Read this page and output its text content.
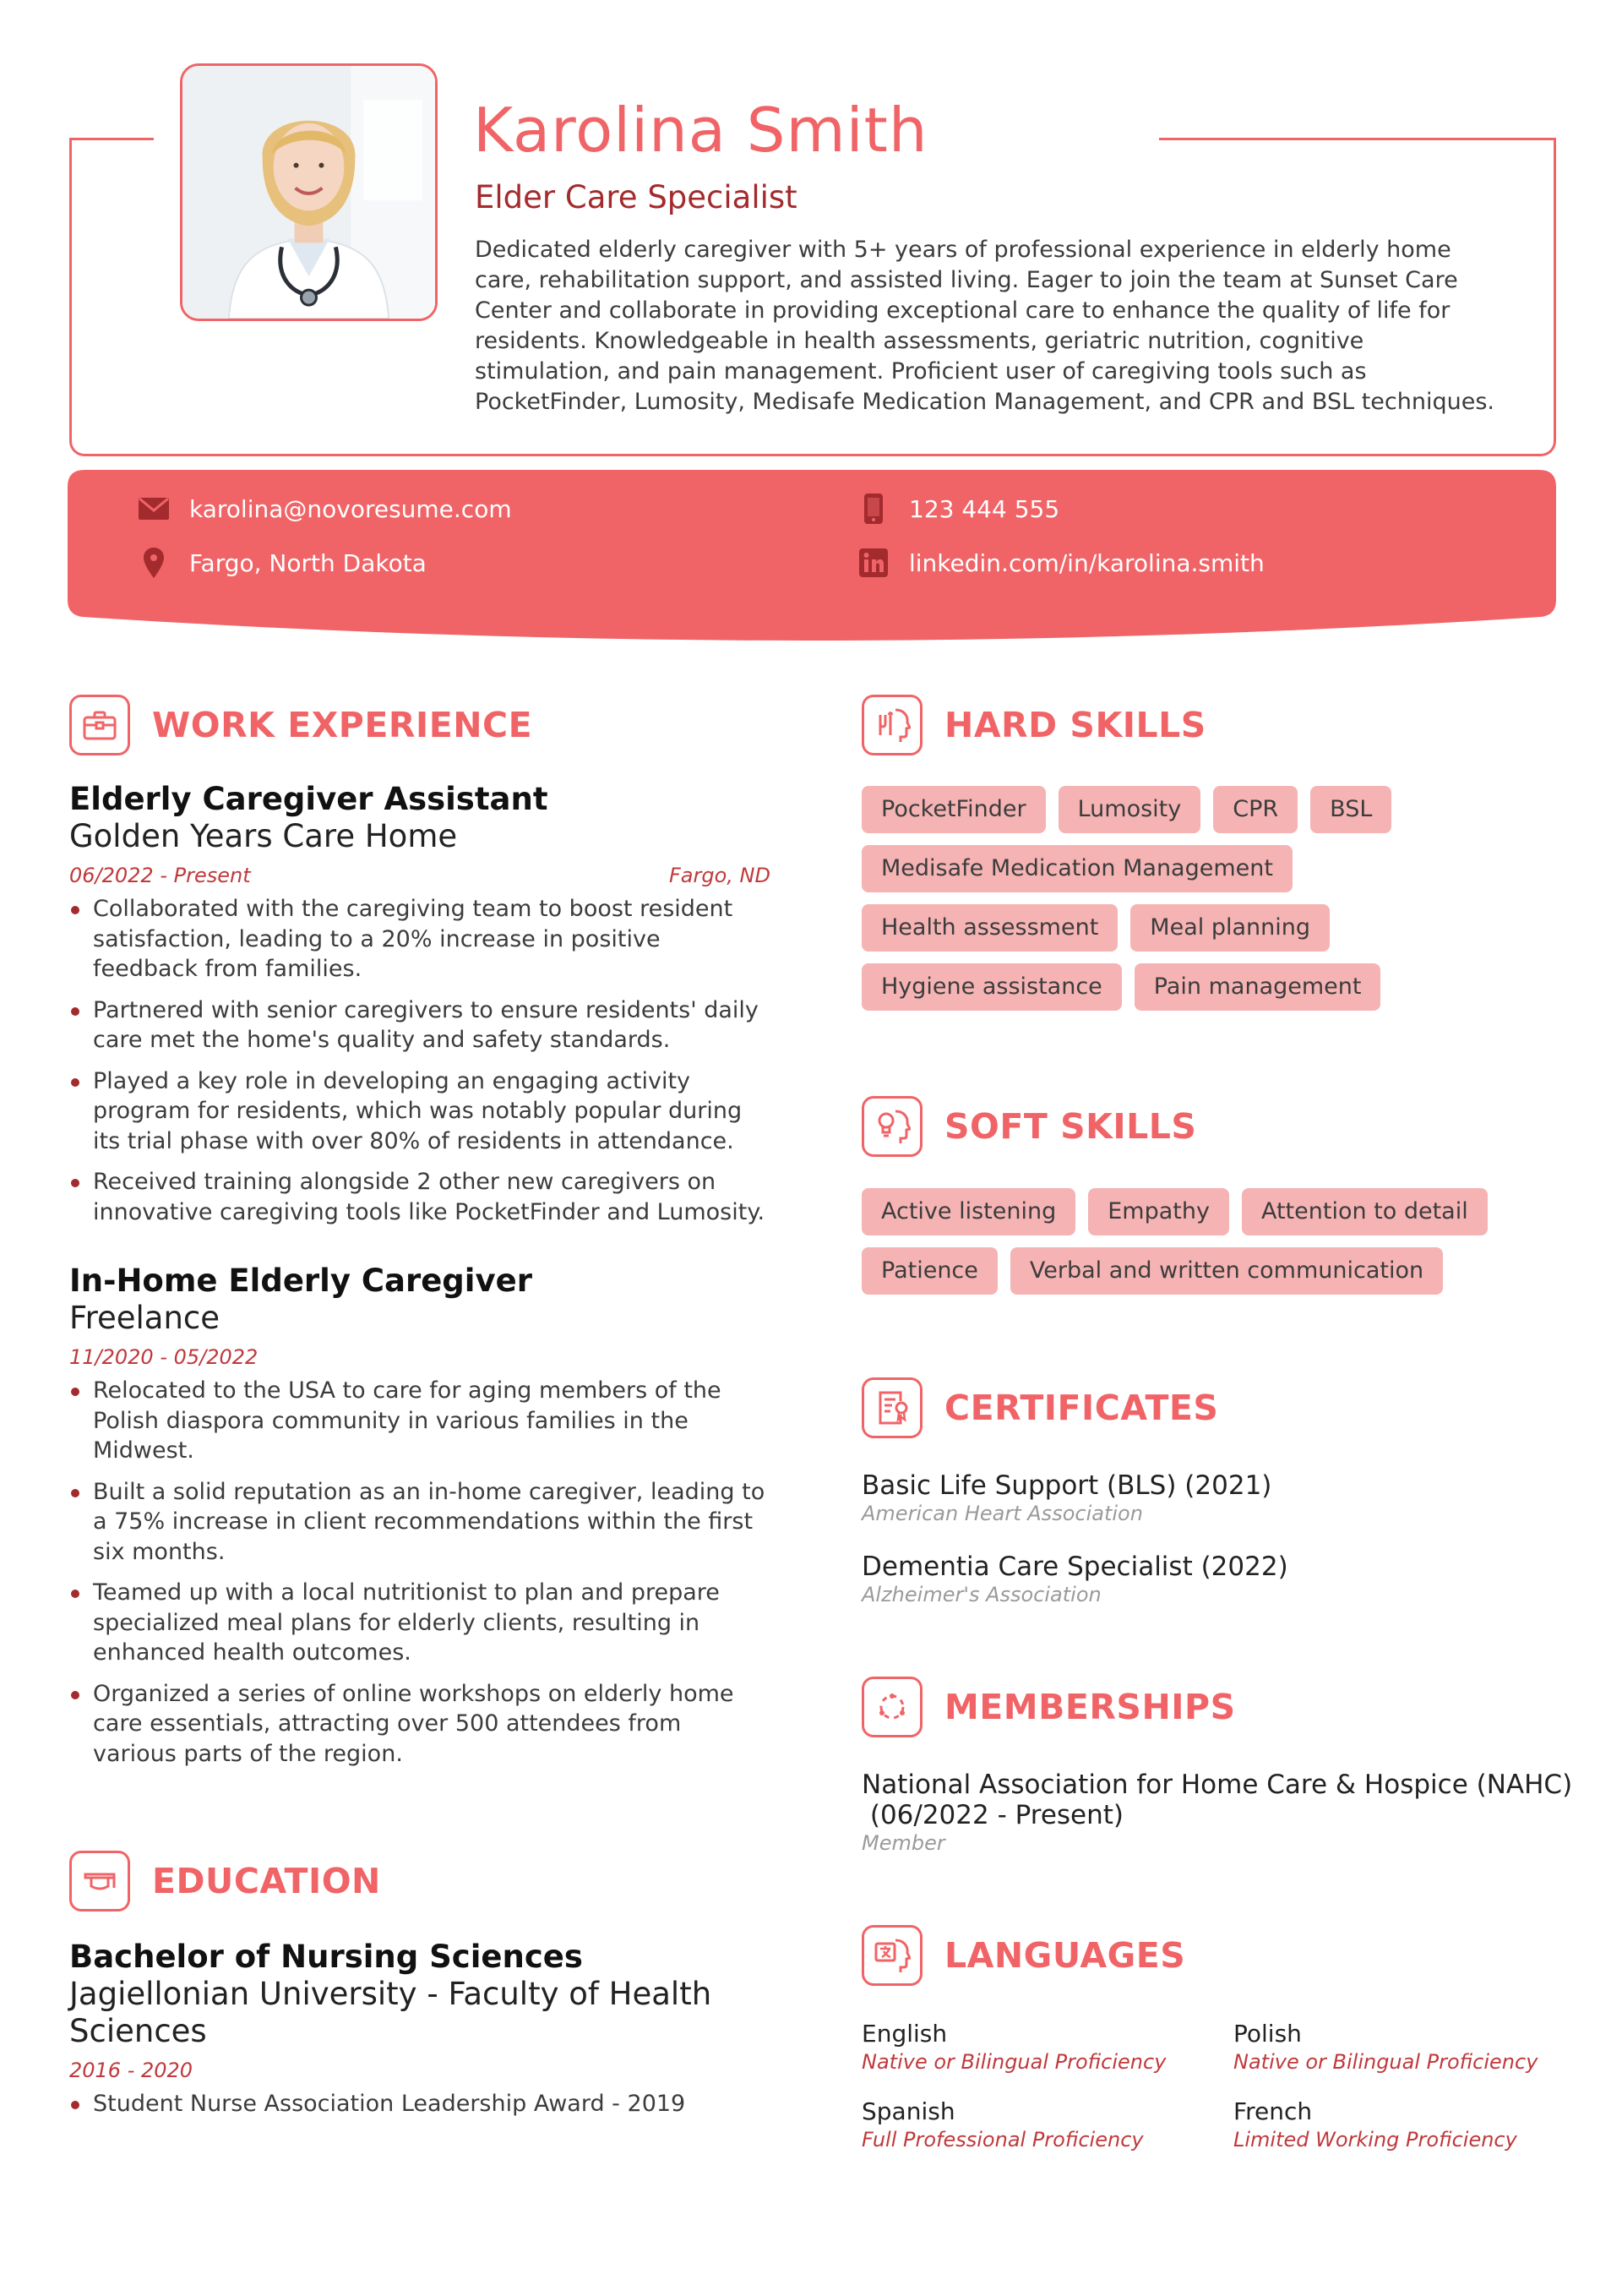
Karolina Smith
Elder Care Specialist
Dedicated elderly caregiver with 5+ years of professional experience in elderly home care, rehabilitation support, and assisted living. Eager to join the team at Sunset Care Center and collaborate in providing exceptional care to enhance the quality of life for residents. Knowledgeable in health assessments, geriatric nutrition, cognitive stimulation, and pain management. Proficient user of caregiving tools such as PocketFinder, Lumosity, Medisafe Medication Management, and CPR and BSL techniques.
karolina@novoresume.com
Fargo, North Dakota
123 444 555
linkedin.com/in/karolina.smith
WORK EXPERIENCE
Elderly Caregiver Assistant
Golden Years Care Home
06/2022 - Present	Fargo, ND
Collaborated with the caregiving team to boost resident satisfaction, leading to a 20% increase in positive feedback from families.
Partnered with senior caregivers to ensure residents' daily care met the home's quality and safety standards.
Played a key role in developing an engaging activity program for residents, which was notably popular during its trial phase with over 80% of residents in attendance.
Received training alongside 2 other new caregivers on innovative caregiving tools like PocketFinder and Lumosity.
In-Home Elderly Caregiver
Freelance
11/2020 - 05/2022
Relocated to the USA to care for aging members of the Polish diaspora community in various families in the Midwest.
Built a solid reputation as an in-home caregiver, leading to a 75% increase in client recommendations within the first six months.
Teamed up with a local nutritionist to plan and prepare specialized meal plans for elderly clients, resulting in enhanced health outcomes.
Organized a series of online workshops on elderly home care essentials, attracting over 500 attendees from various parts of the region.
EDUCATION
Bachelor of Nursing Sciences
Jagiellonian University - Faculty of Health Sciences
2016 - 2020
Student Nurse Association Leadership Award - 2019
HARD SKILLS
PocketFinder	Lumosity	CPR	BSL
Medisafe Medication Management
Health assessment	Meal planning
Hygiene assistance	Pain management
SOFT SKILLS
Active listening	Empathy	Attention to detail
Patience	Verbal and written communication
CERTIFICATES
Basic Life Support (BLS) (2021)
American Heart Association
Dementia Care Specialist (2022)
Alzheimer's Association
MEMBERSHIPS
National Association for Home Care & Hospice (NAHC)
(06/2022 - Present)
Member
LANGUAGES
English
Native or Bilingual Proficiency
Polish
Native or Bilingual Proficiency
Spanish
Full Professional Proficiency
French
Limited Working Proficiency
